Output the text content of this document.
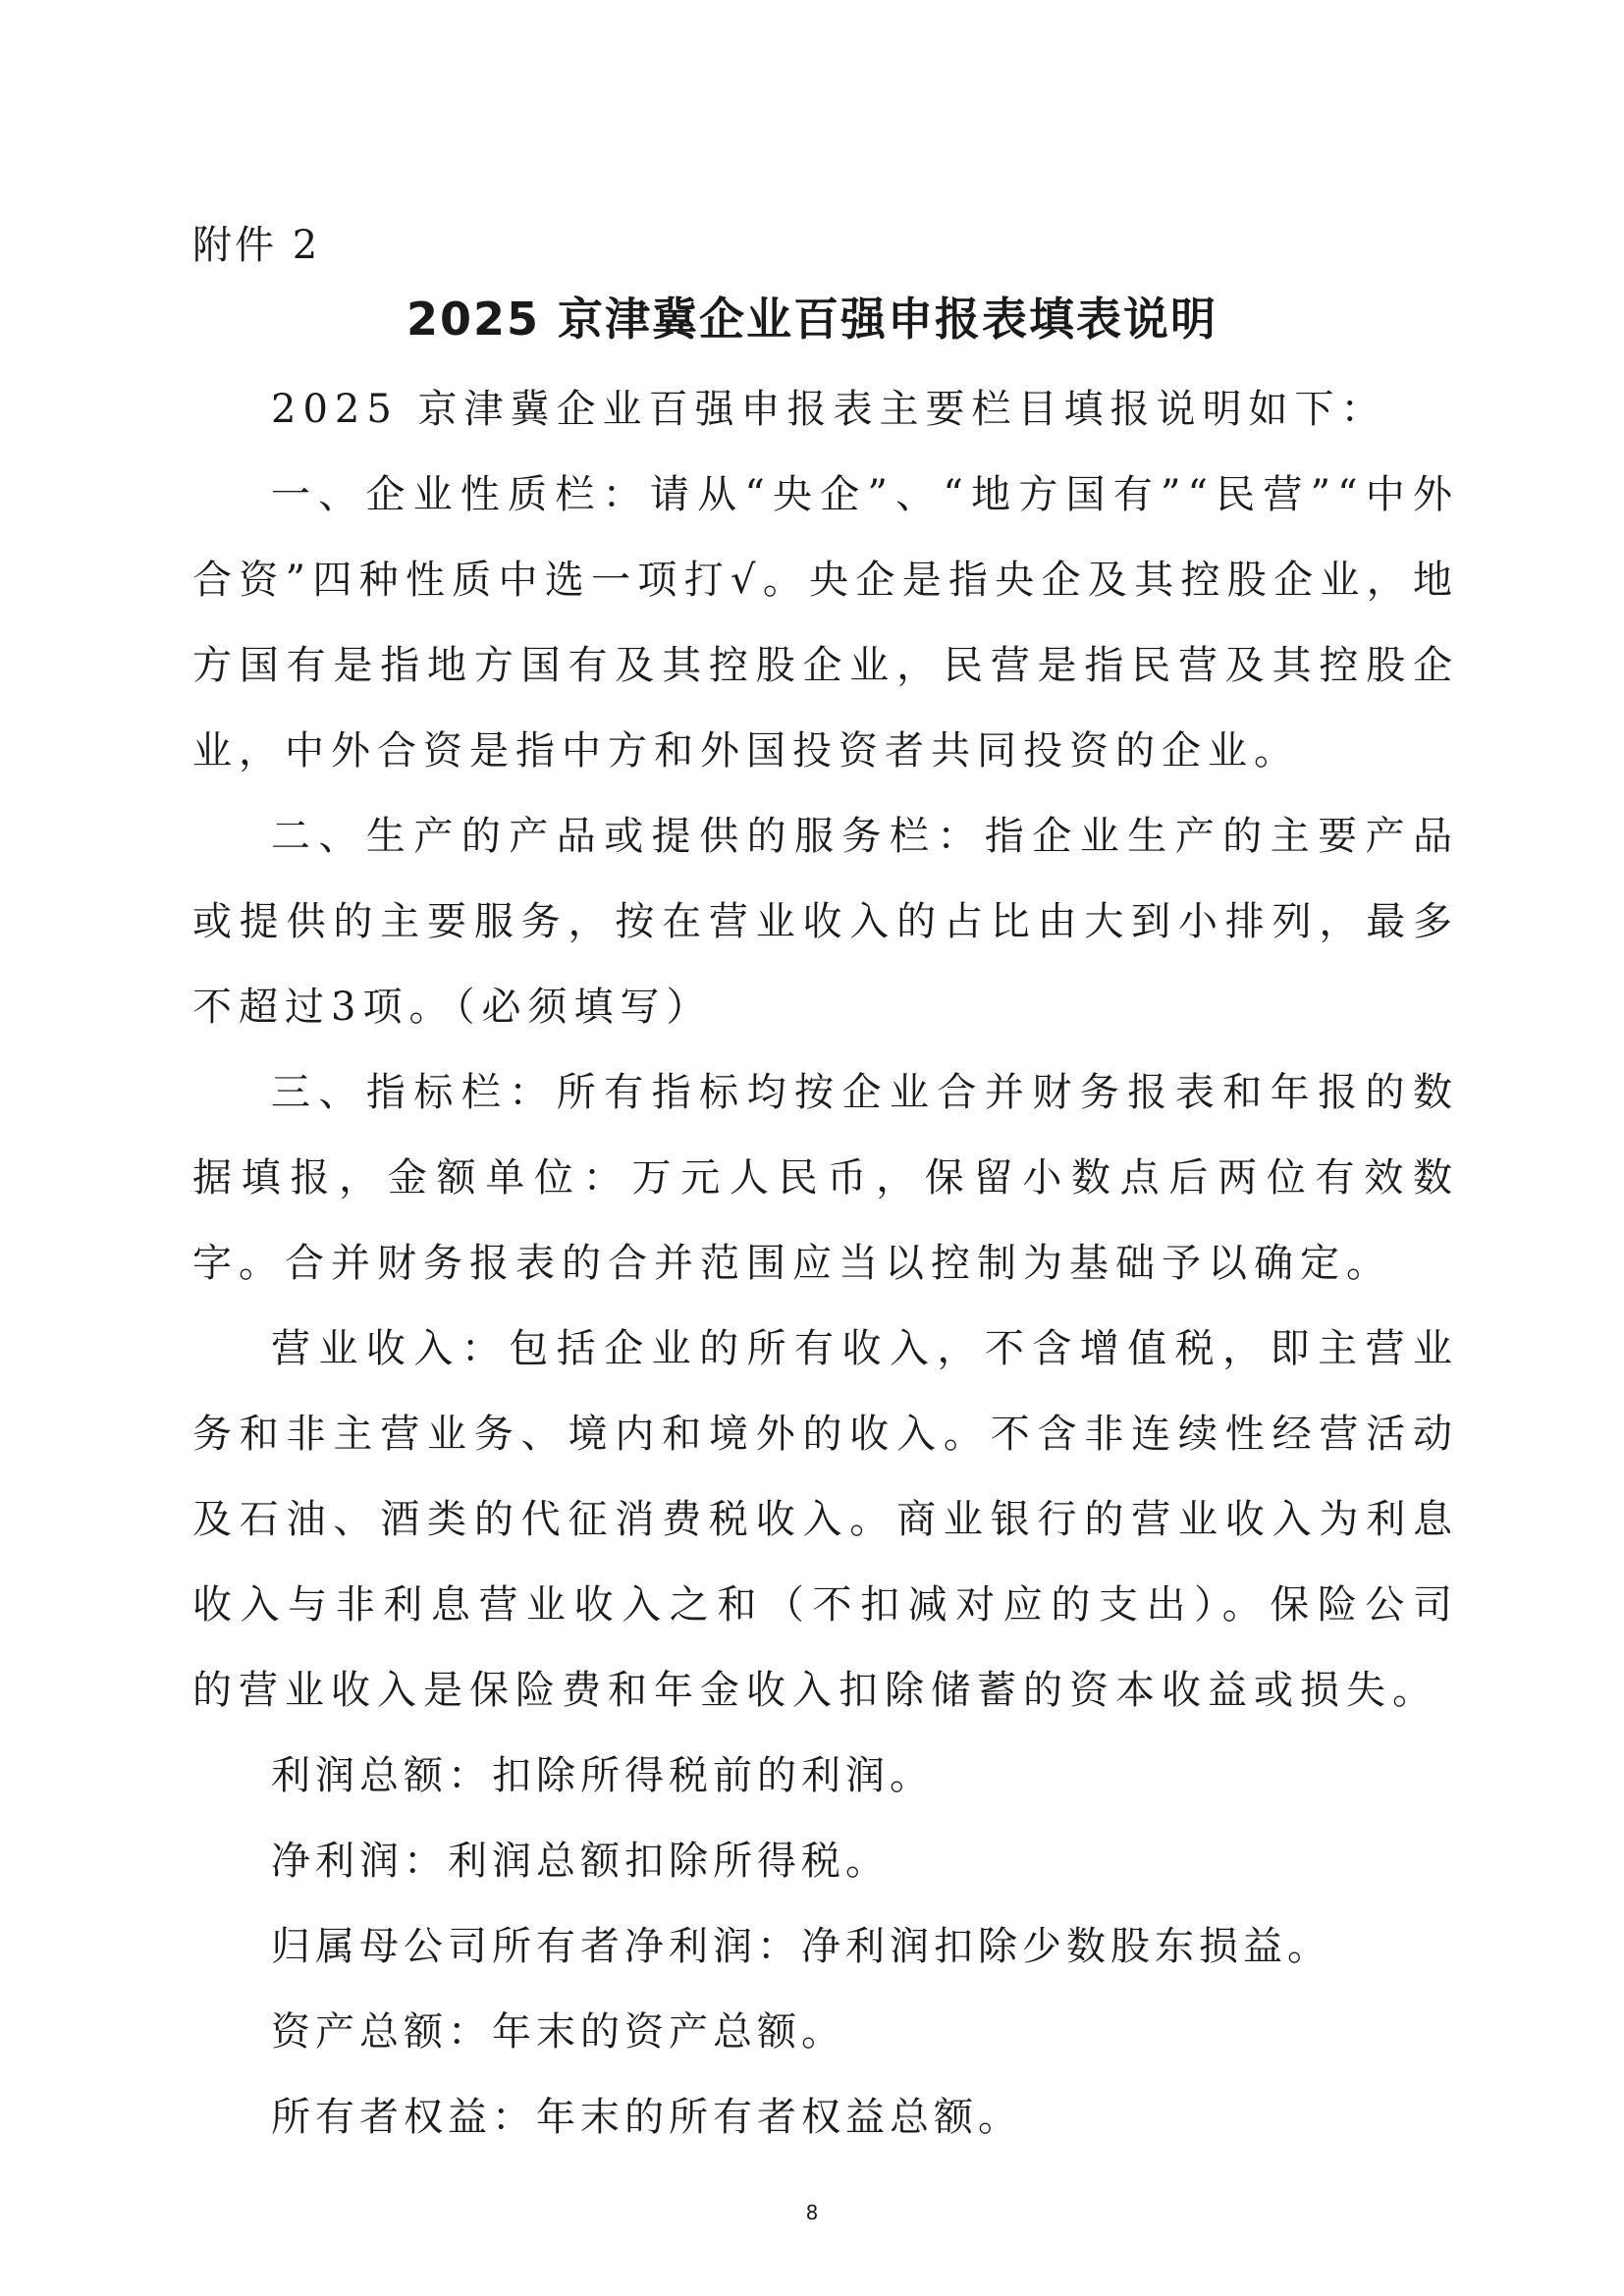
附件 2
2025 京津冀企业百强申报表填表说明

2025 京津冀企业百强申报表主要栏目填报说明如下：

一、企业性质栏：请从“央企”、“地方国有”“民营”“中外合资”四种性质中选一项打√。央企是指央企及其控股企业，地方国有是指地方国有及其控股企业，民营是指民营及其控股企业，中外合资是指中方和外国投资者共同投资的企业。

二、生产的产品或提供的服务栏：指企业生产的主要产品或提供的主要服务，按在营业收入的占比由大到小排列，最多不超过3项。（必须填写）

三、指标栏：所有指标均按企业合并财务报表和年报的数据填报，金额单位：万元人民币，保留小数点后两位有效数字。合并财务报表的合并范围应当以控制为基础予以确定。

营业收入：包括企业的所有收入，不含增值税，即主营业务和非主营业务、境内和境外的收入。不含非连续性经营活动及石油、酒类的代征消费税收入。商业银行的营业收入为利息收入与非利息营业收入之和（不扣减对应的支出）。保险公司的营业收入是保险费和年金收入扣除储蓄的资本收益或损失。

利润总额：扣除所得税前的利润。

净利润：利润总额扣除所得税。

归属母公司所有者净利润：净利润扣除少数股东损益。

资产总额：年末的资产总额。

所有者权益：年末的所有者权益总额。

8
